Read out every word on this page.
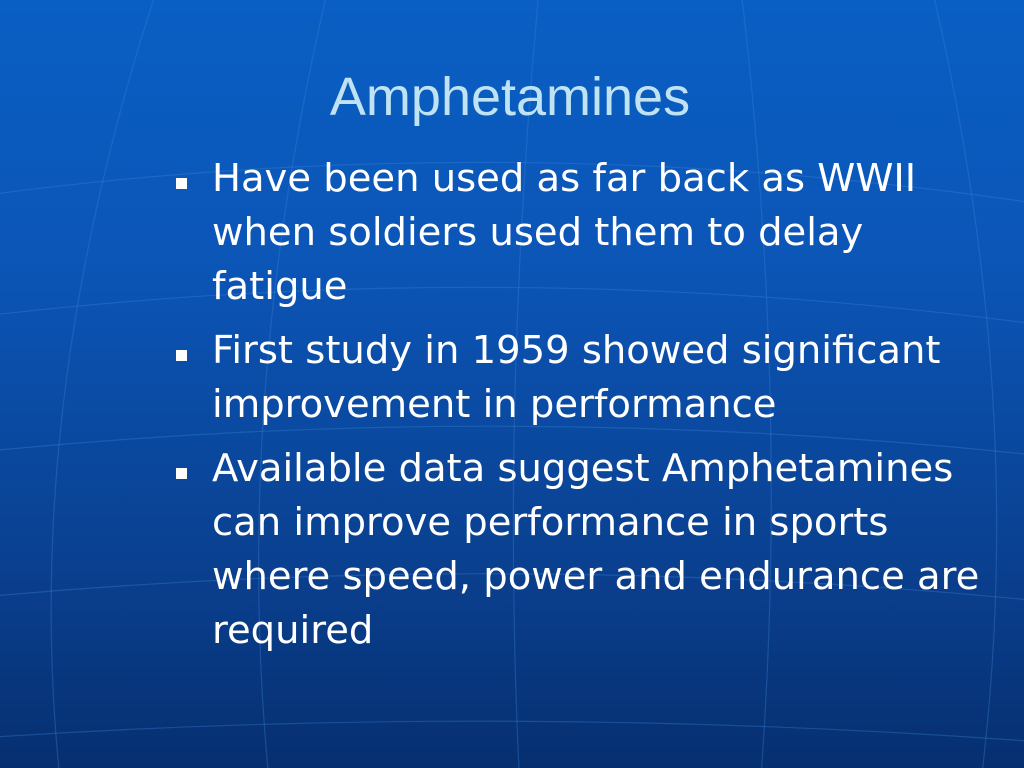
Amphetamines
Have been used as far back as WWII when soldiers used them to delay fatigue
First study in 1959 showed significant improvement in performance
Available data suggest Amphetamines can improve performance in sports where speed, power and endurance are required
